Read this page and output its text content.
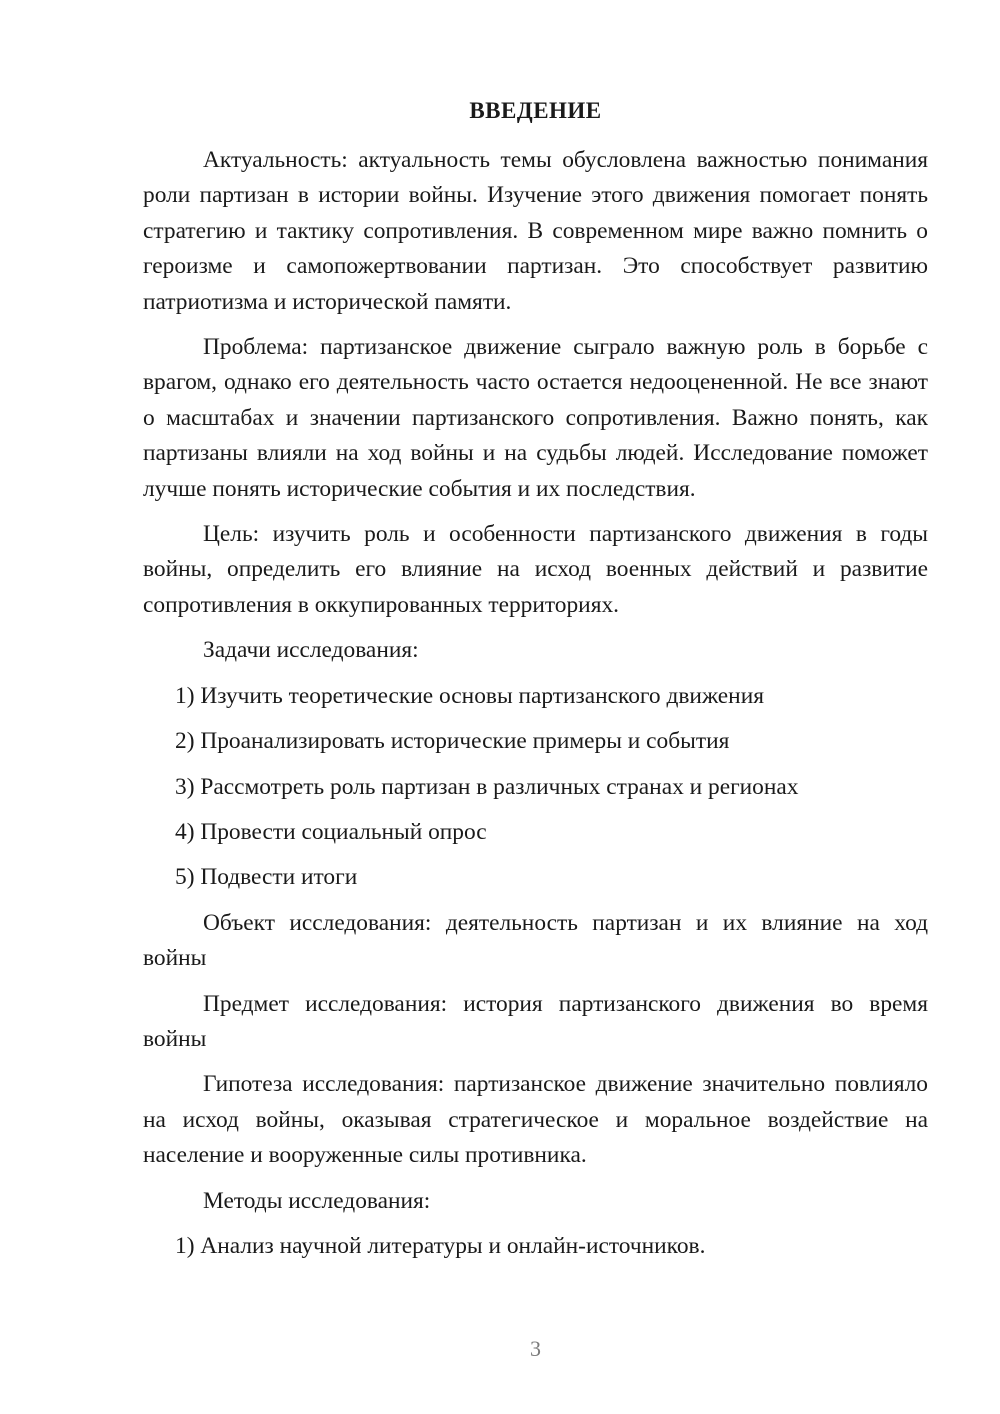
ВВЕДЕНИЕ

Актуальность: актуальность темы обусловлена важностью понимания роли партизан в истории войны. Изучение этого движения помогает понять стратегию и тактику сопротивления. В современном мире важно помнить о героизме и самопожертвовании партизан. Это способствует развитию патриотизма и исторической памяти.

Проблема: партизанское движение сыграло важную роль в борьбе с врагом, однако его деятельность часто остается недооцененной. Не все знают о масштабах и значении партизанского сопротивления. Важно понять, как партизаны влияли на ход войны и на судьбы людей. Исследование поможет лучше понять исторические события и их последствия.

Цель: изучить роль и особенности партизанского движения в годы войны, определить его влияние на исход военных действий и развитие сопротивления в оккупированных территориях.

Задачи исследования:

1) Изучить теоретические основы партизанского движения

2) Проанализировать исторические примеры и события

3) Рассмотреть роль партизан в различных странах и регионах

4) Провести социальный опрос

5) Подвести итоги

Объект исследования: деятельность партизан и их влияние на ход войны

Предмет исследования: история партизанского движения во время войны

Гипотеза исследования: партизанское движение значительно повлияло на исход войны, оказывая стратегическое и моральное воздействие на население и вооруженные силы противника.

Методы исследования:

1) Анализ научной литературы и онлайн-источников.

3
